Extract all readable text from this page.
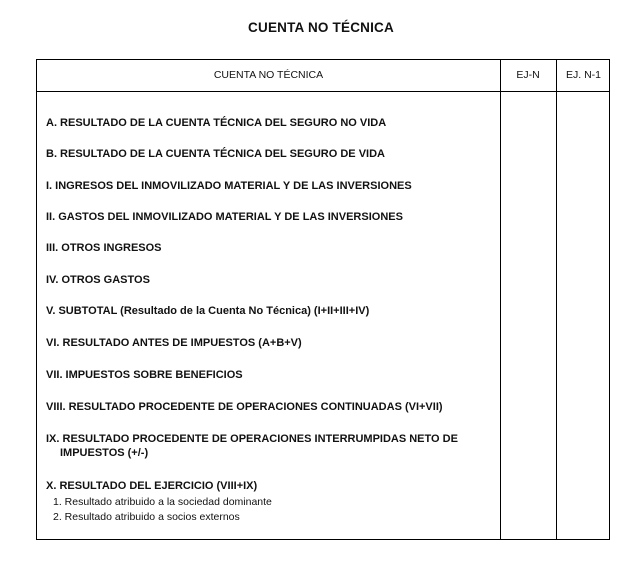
CUENTA NO TÉCNICA
CUENTA NO TÉCNICA	EJ-N	EJ. N-1
A. RESULTADO DE LA CUENTA TÉCNICA DEL SEGURO NO VIDA
B. RESULTADO DE LA CUENTA TÉCNICA DEL SEGURO DE VIDA
I. INGRESOS DEL INMOVILIZADO MATERIAL Y DE LAS INVERSIONES
II. GASTOS DEL INMOVILIZADO MATERIAL Y DE LAS INVERSIONES
III. OTROS INGRESOS
IV. OTROS GASTOS
V. SUBTOTAL (Resultado de la Cuenta No Técnica) (I+II+III+IV)
VI. RESULTADO ANTES DE IMPUESTOS (A+B+V)
VII. IMPUESTOS SOBRE BENEFICIOS
VIII. RESULTADO PROCEDENTE DE OPERACIONES CONTINUADAS (VI+VII)
IX. RESULTADO PROCEDENTE DE OPERACIONES INTERRUMPIDAS NETO DE
IMPUESTOS (+/-)
X. RESULTADO DEL EJERCICIO (VIII+IX)
1. Resultado atribuido a la sociedad dominante
2. Resultado atribuido a socios externos
